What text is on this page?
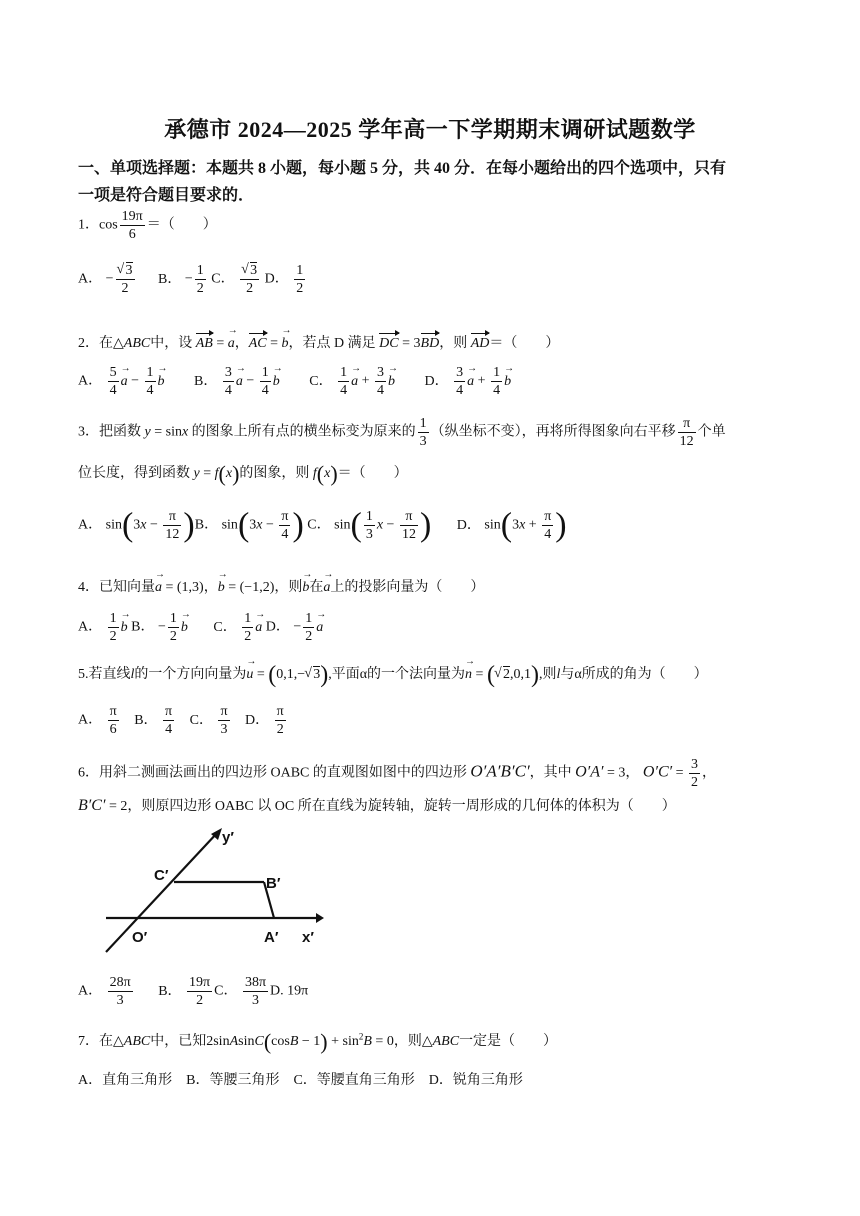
承德市 2024—2025 学年高一下学期期末调研试题数学
一、单项选择题：本题共 8 小题，每小题 5 分，共 40 分．在每小题给出的四个选项中，只有
一项是符合题目要求的．
1．$\cos \frac{19\pi}{6}$ ＝（　　）
A． − √ $\frac{3}{2}$ B． − $\frac{1}{2}$ C． √ $\frac{3}{2}$ D． $\frac{1}{2}$
2．在△ABC中，设 AB = → a，AC = → b，若点 D 满足 DC = 3BD，则 AD＝（　　）
A． $\frac{5}{4} \to a - \frac{1}{4} \to b$ B． $\frac{3}{4} \to a - \frac{1}{4} \to b$ C． $\frac{1}{4} \to a + \frac{3}{4} \to b$ D． $\frac{3}{4} \to a + \frac{1}{4} \to b$
3．把函数 y = sinx 的图象上所有点的横坐标变为原来的 $\frac{1}{3}$ （纵坐标不变），再将所得图象向右平移 $\frac{\pi}{12}$ 个单
位长度，得到函数 y = f(x)的图象，则 f(x)＝（　　）
A． $\sin(3x - \frac{\pi}{12} )B$． $\sin(3x - \frac{\pi}{4}$ ) C． $\sin( \frac{1}{3}$ $x - \frac{\pi}{12}$ ) D． $\sin(3x + \frac{\pi}{4}$ )
4．已知向量→ a = (1,3)，→ b = (−1,2)，则→ b在→ a上的投影向量为（　　）
A． $\frac{1}{2} \to b$ B． − $\frac{1}{2} \to b$ C． $\frac{1}{2} \to a$ D． − $\frac{1}{2} \to a$
5.若直线l的一个方向向量为→ u = (0,1,− √ 3),平面α的一个法向量为→ n = ( √ 2,0,1),则l与α所成的角为（　　）
A． $\frac{\pi}{6}$ B． $\frac{\pi}{4}$ C． $\frac{\pi}{3}$ D． $\frac{\pi}{2}$
6．用斜二测画法画出的四边形 OABC 的直观图如图中的四边形 O′A′B′C′，其中 O′A′ = 3， $O'C' = \frac{3}{2}$ ，
B′C′ = 2，则原四边形 OABC 以 OC 所在直线为旋转轴，旋转一周形成的几何体的体积为（　　）
y′
C′	B′
O′	A′ x′
A． $\frac{28\pi}{3}$ B． $\frac{19\pi}{2}$ C． $\frac{38\pi}{3} D$. 19π
7．在△ABC中，已知2sinAsinC(cosB − $1) + \sin^2B = 0$，则△ABC一定是（　　）
A．直角三角形　B．等腰三角形　C．等腰直角三角形　D．锐角三角形
